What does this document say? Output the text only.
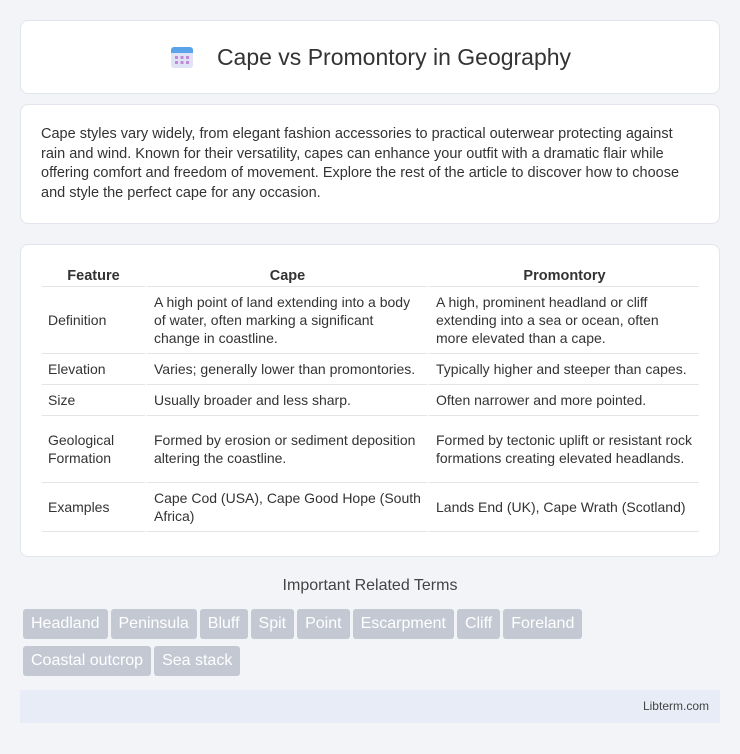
Cape vs Promontory in Geography

Cape styles vary widely, from elegant fashion accessories to practical outerwear protecting against rain and wind. Known for their versatility, capes can enhance your outfit with a dramatic flair while offering comfort and freedom of movement. Explore the rest of the article to discover how to choose and style the perfect cape for any occasion.

Feature	Cape	Promontory
Definition	A high point of land extending into a body of water, often marking a significant change in coastline.	A high, prominent headland or cliff extending into a sea or ocean, often more elevated than a cape.
Elevation	Varies; generally lower than promontories.	Typically higher and steeper than capes.
Size	Usually broader and less sharp.	Often narrower and more pointed.
Geological Formation	Formed by erosion or sediment deposition altering the coastline.	Formed by tectonic uplift or resistant rock formations creating elevated headlands.
Examples	Cape Cod (USA), Cape Good Hope (South Africa)	Lands End (UK), Cape Wrath (Scotland)
Important Related Terms
Headland Peninsula Bluff Spit Point Escarpment Cliff Foreland
Coastal outcrop Sea stack
Libterm.com
